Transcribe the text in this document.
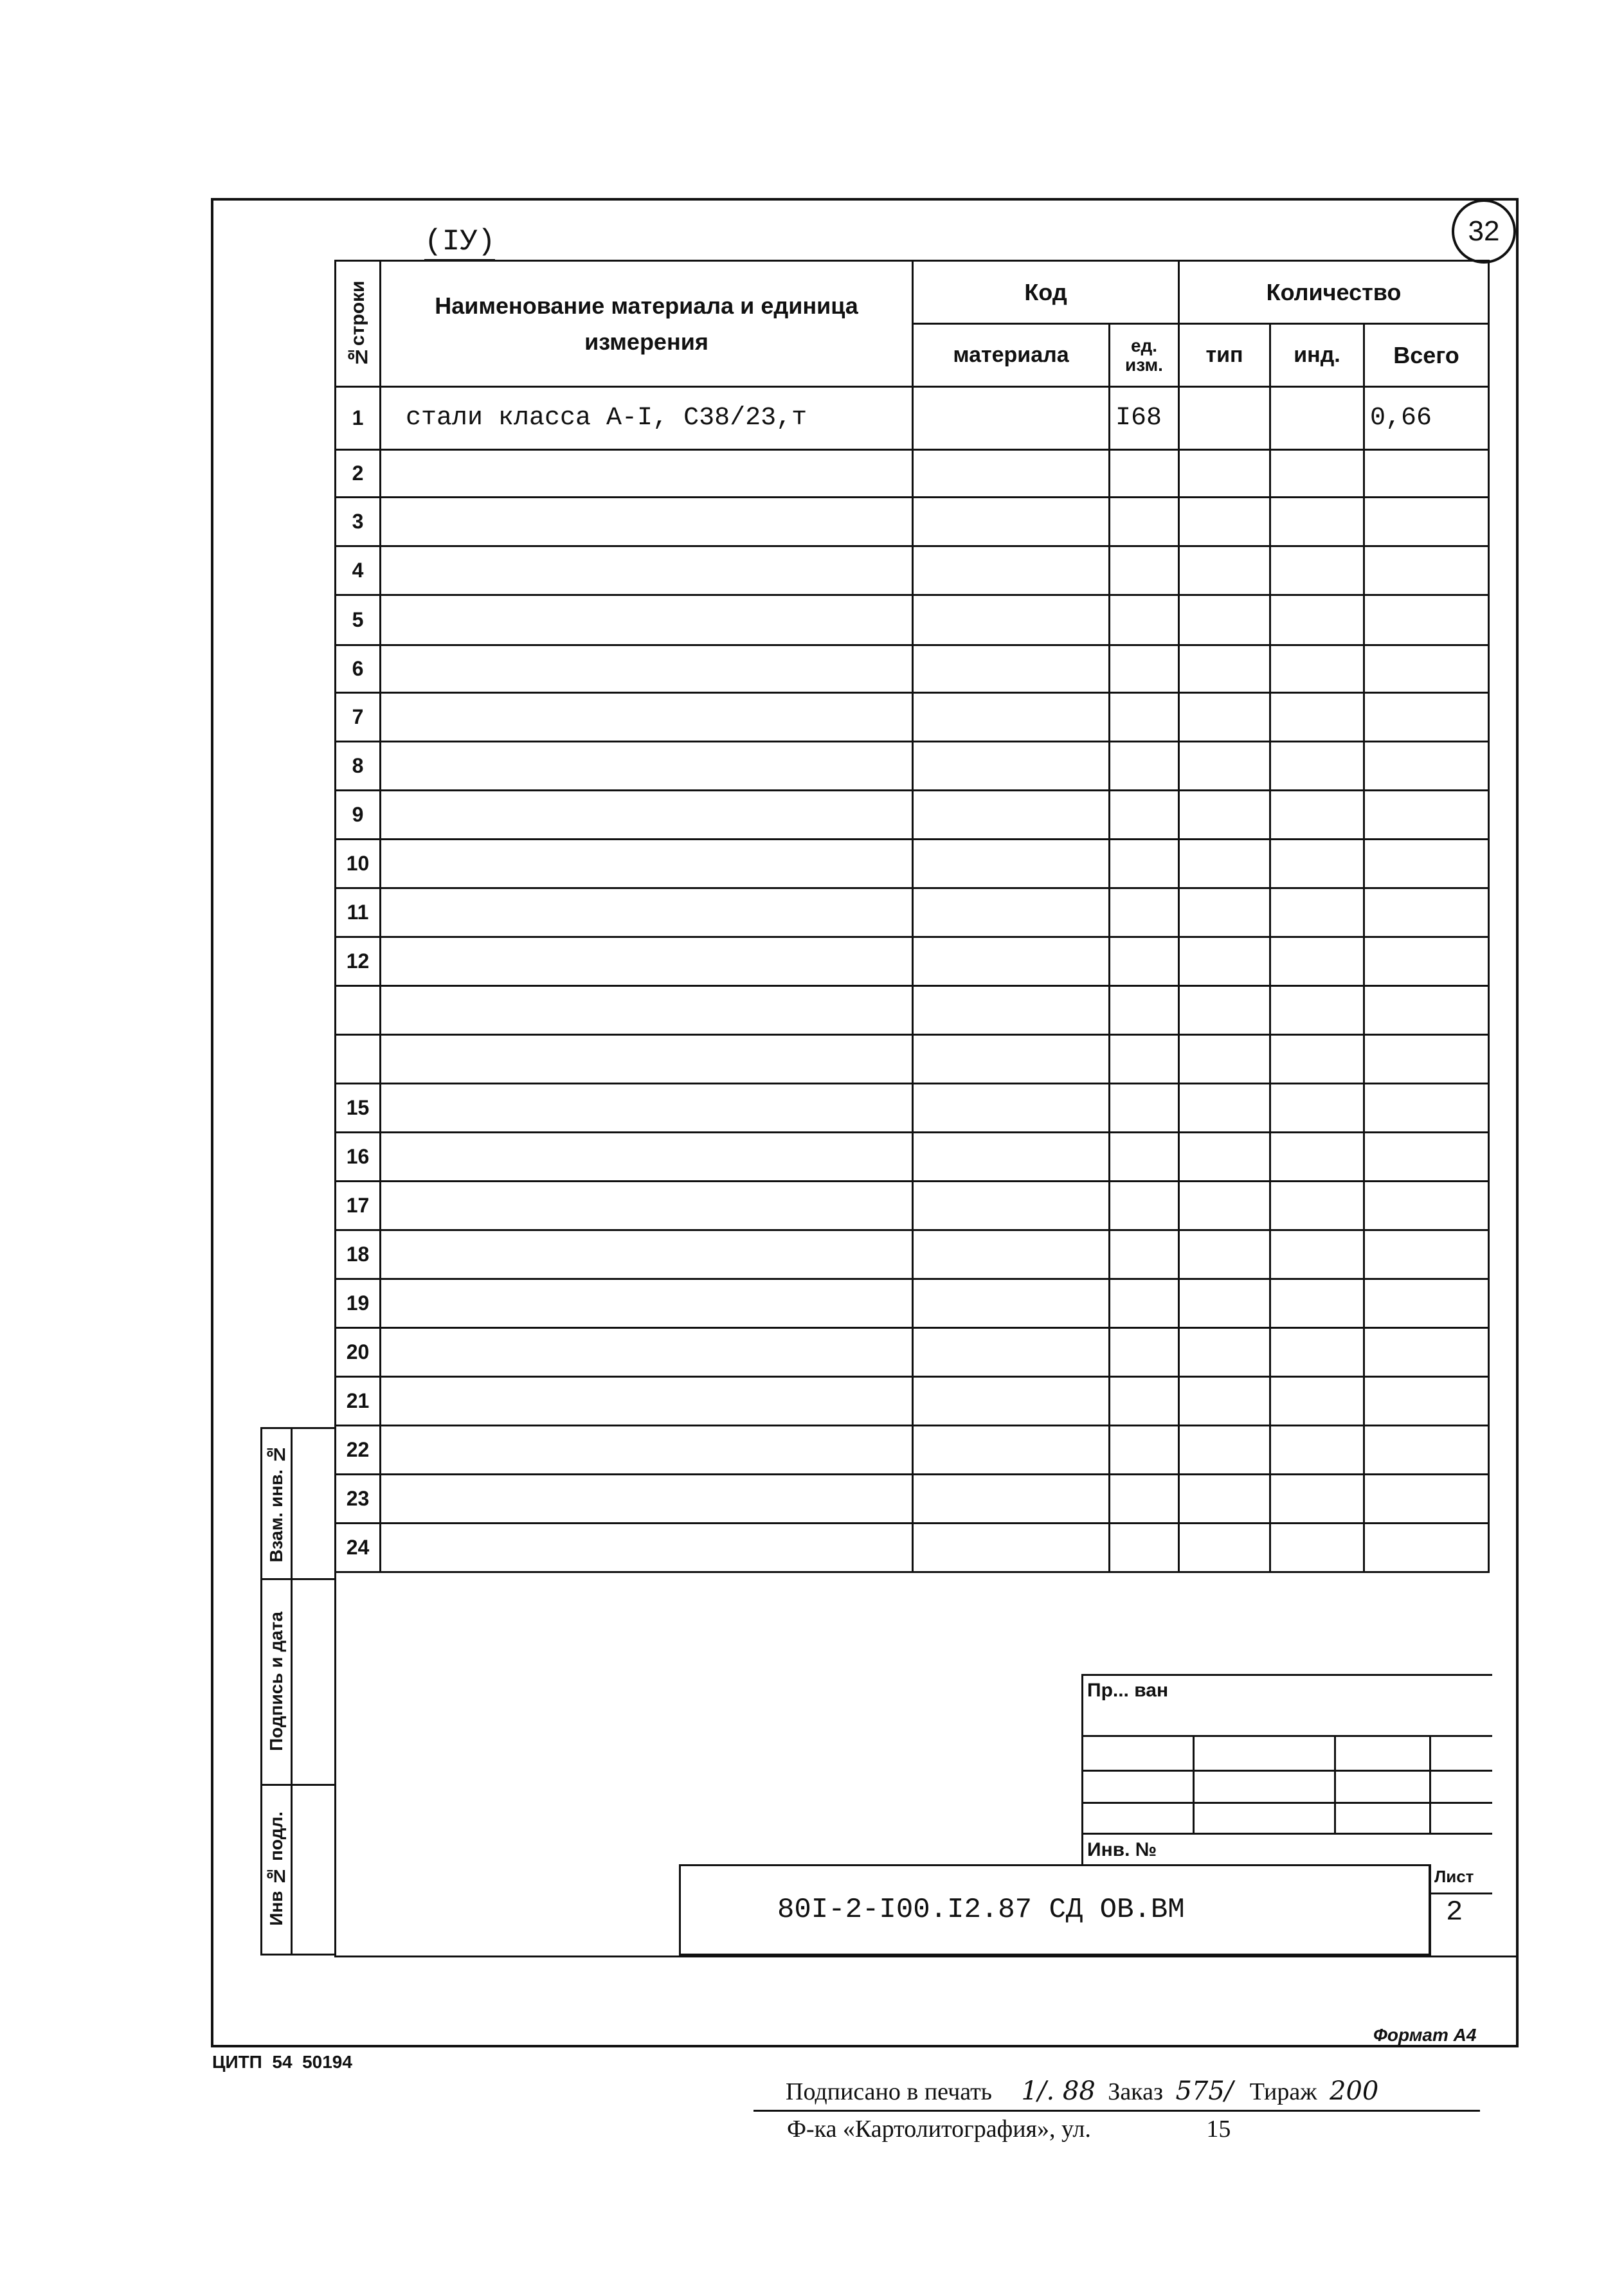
32
(IУ)
№строки	Наименование материала и единица измерения	Код		Количество		
		материала	ед. изм.	тип	инд.	Всего
1	стали класса А-I, С38/23,т		I68			0,66
2						
3						
4						
5						
6						
7						
8						
9						
10						
11						
12						

15						
16						
17						
18						
19						
20						
21						
22						
23						
24						
Взам. инв. №
Подпись и дата
Инв № подл.
Пр... ван
Инв. №
80I-2-I00.I2.87 СД ОВ.ВМ
Лист
2
Формат А4
ЦИТП  54  50194
Подписано в печать 1/. 88 Заказ 575/ Тираж 200
Ф-ка «Картолитография», ул.	15
